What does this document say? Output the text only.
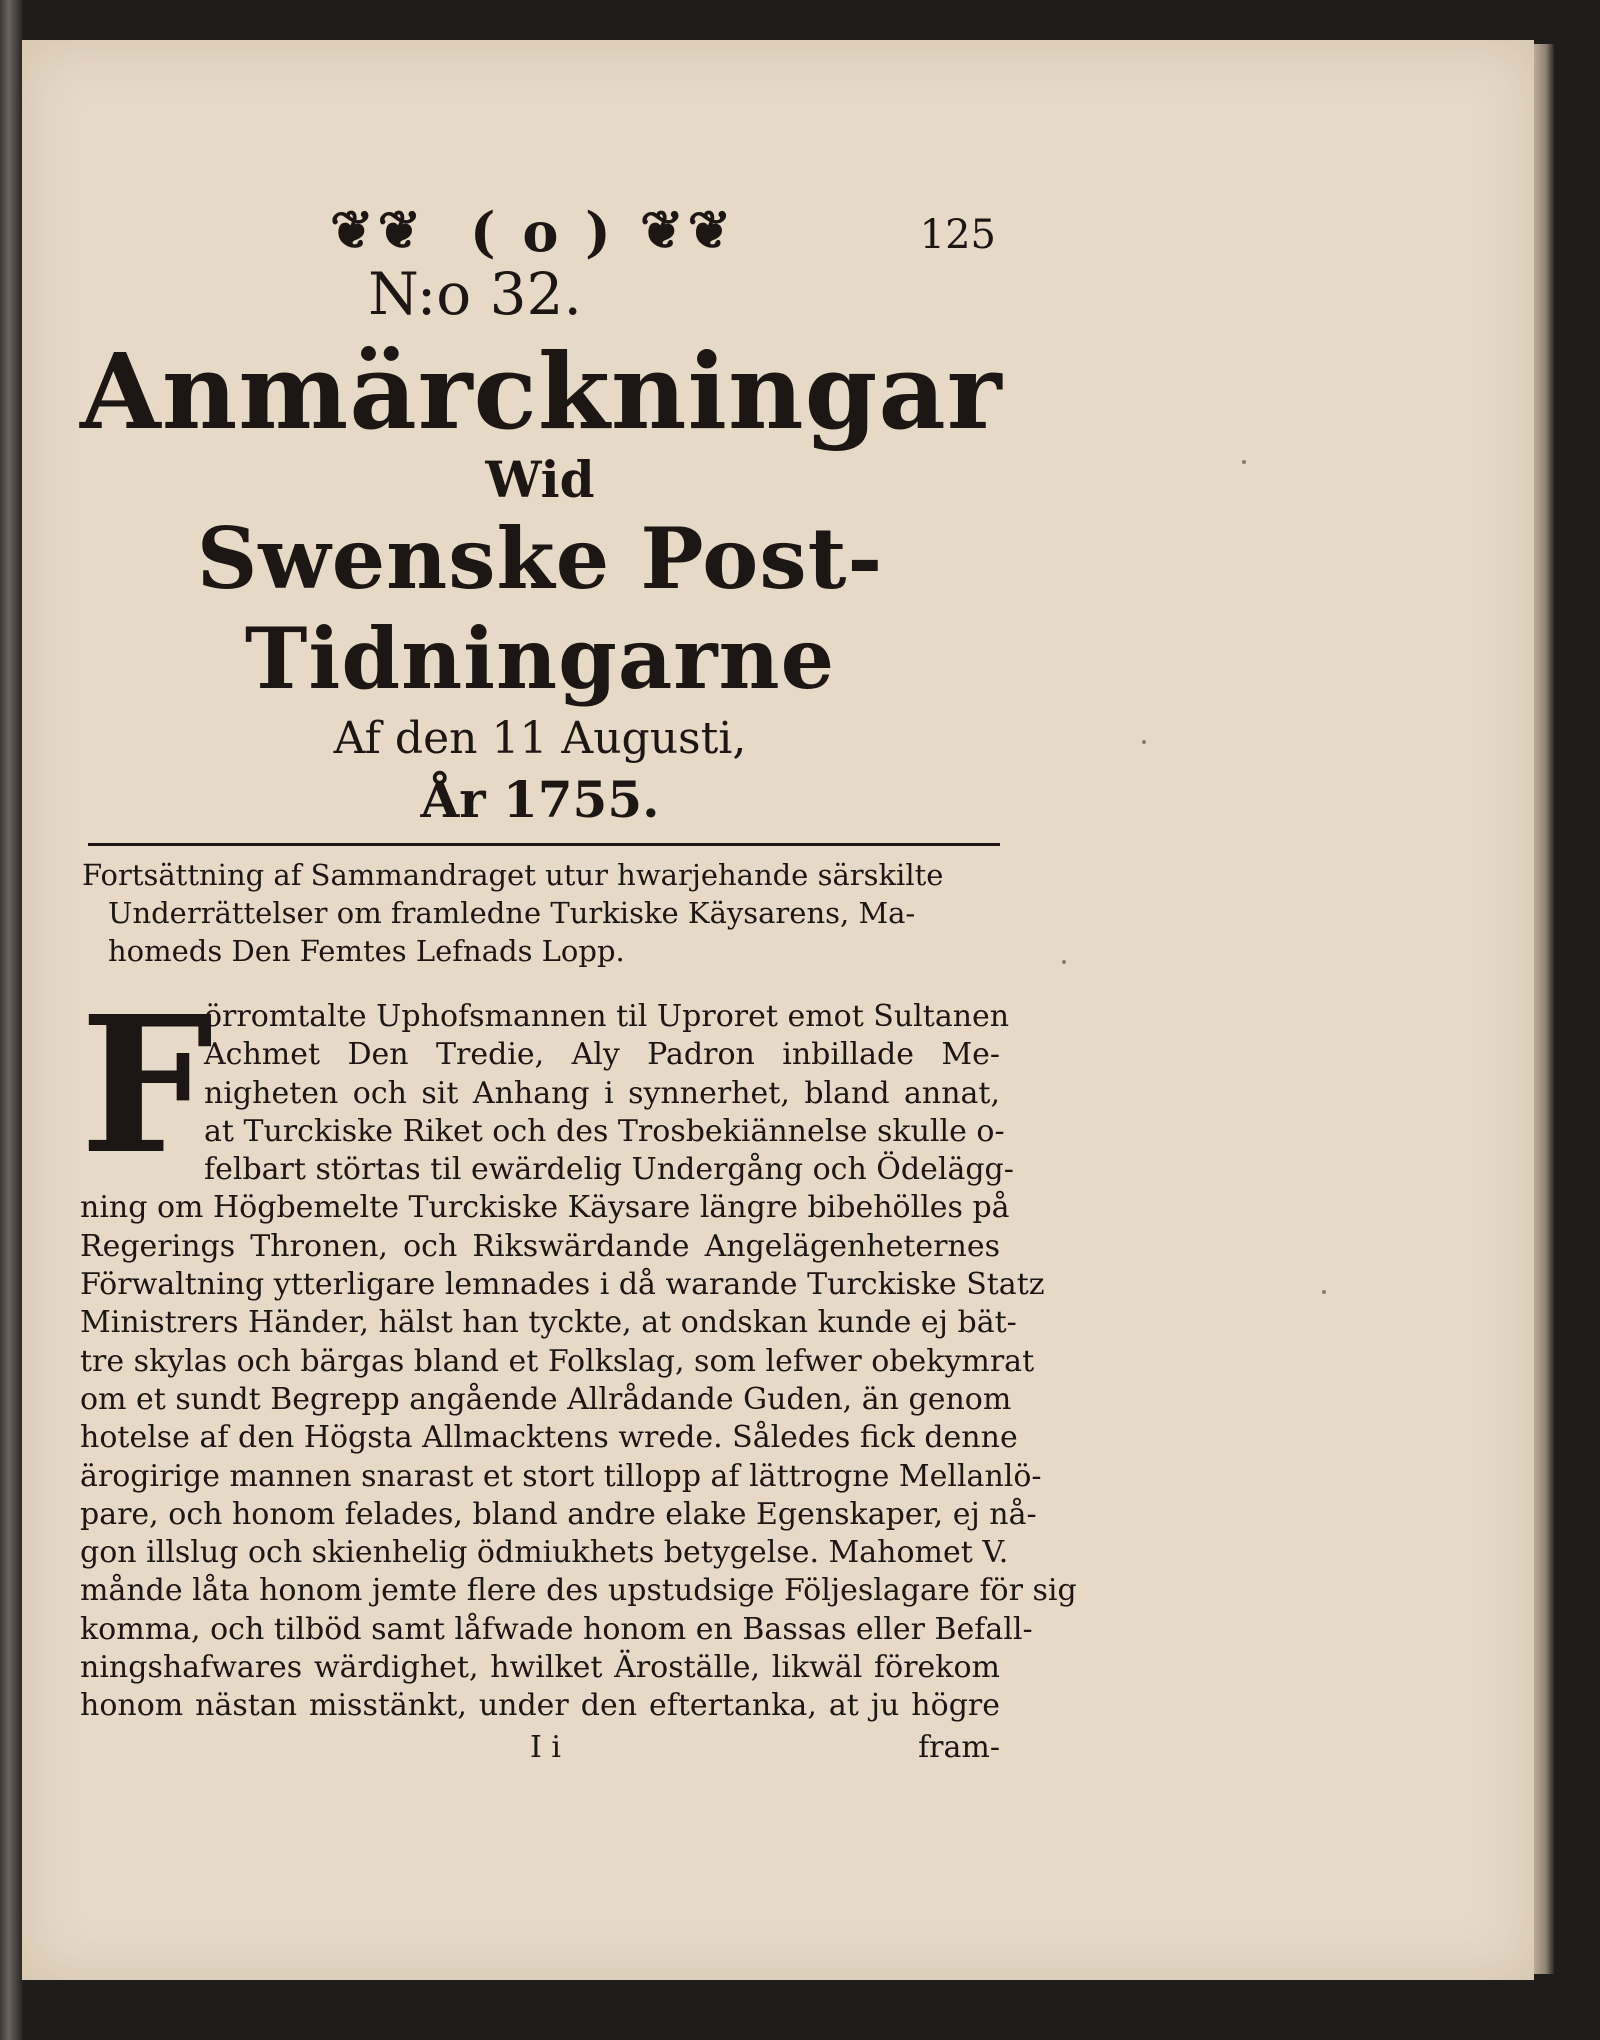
❦❦ ( o ) ❦❦	125
N:o 32.
Anmärckningar
Wid
Swenske Post-Tidningarne
Af den 11 Augusti,
År 1755.
Fortsättning af Sammandraget utur hwarjehande särskilte
Underrättelser om framledne Turkiske Käysarens, Ma-
homeds Den Femtes Lefnads Lopp.
F
örromtalte Uphofsmannen til Uproret emot Sultanen
Achmet Den Tredie, Aly Padron inbillade Me-
nigheten och sit Anhang i synnerhet, bland annat,
at Turckiske Riket och des Trosbekiännelse skulle o-
felbart störtas til ewärdelig Undergång och Ödelägg-
ning om Högbemelte Turckiske Käysare längre bibehölles på
Regerings Thronen, och Rikswärdande Angelägenheternes
Förwaltning ytterligare lemnades i då warande Turckiske Statz
Ministrers Händer, hälst han tyckte, at ondskan kunde ej bät-
tre skylas och bärgas bland et Folkslag, som lefwer obekymrat
om et sundt Begrepp angående Allrådande Guden, än genom
hotelse af den Högsta Allmacktens wrede. Således fick denne
ärogirige mannen snarast et stort tillopp af lättrogne Mellanlö-
pare, och honom felades, bland andre elake Egenskaper, ej nå-
gon illslug och skienhelig ödmiukhets betygelse. Mahomet V.
månde låta honom jemte flere des upstudsige Följeslagare för sig
komma, och tilböd samt låfwade honom en Bassas eller Befall-
ningshafwares wärdighet, hwilket Äroställe, likwäl förekom
honom nästan misstänkt, under den eftertanka, at ju högre
I i	fram-
